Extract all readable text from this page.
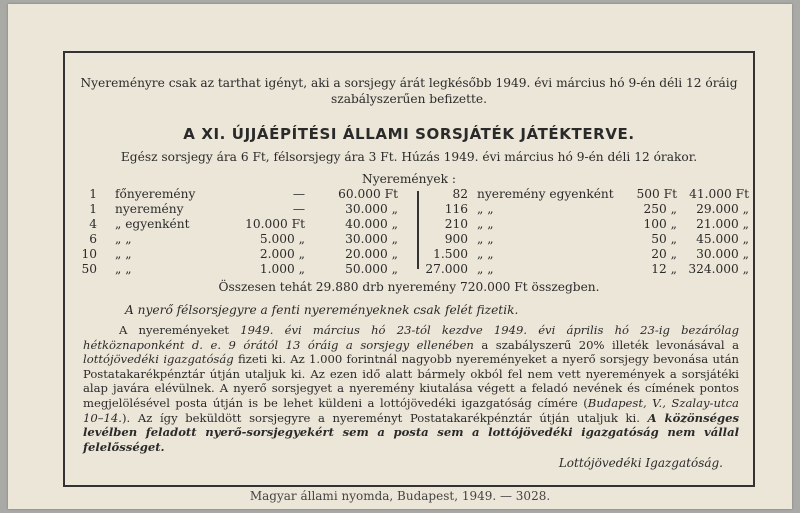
Nyereményre csak az tarthat igényt, aki a sorsjegy árát legkésőbb 1949. évi március hó 9-én déli 12 óráig szabályszerűen befizette.
A XI. ÚJJÁÉPÍTÉSI ÁLLAMI SORSJÁTÉK JÁTÉKTERVE.
Egész sorsjegy ára 6 Ft, félsorsjegy ára 3 Ft. Húzás 1949. évi március hó 9-én déli 12 órakor.
Nyeremények :
1 főnyeremény	—	60.000 Ft
1 nyeremény	—	30.000 „
4 „ egyenként	10.000 Ft	40.000 „
6 „ „	5.000 „	30.000 „
10 „ „	2.000 „	20.000 „
50 „ „	1.000 „	50.000 „
82 nyeremény egyenként 500 Ft 41.000 Ft
116 „ „	250 „ 29.000 „
210 „ „	100 „ 21.000 „
900 „ „	50 „ 45.000 „
1.500 „ „	20 „ 30.000 „
27.000 „ „	12 „ 324.000 „
Összesen tehát 29.880 drb nyeremény 720.000 Ft összegben.
A nyerő félsorsjegyre a fenti nyereményeknek csak felét fizetik.
A nyereményeket 1949. évi március hó 23-tól kezdve 1949. évi április hó 23-ig bezárólag hétköznaponként d. e. 9 órától 13 óráig a sorsjegy ellenében a szabályszerű 20% illeték levonásával a lottójövedéki igazgatóság fizeti ki. Az 1.000 forintnál nagyobb nyereményeket a nyerő sorsjegy bevonása után Postatakarékpénztár útján utaljuk ki. Az ezen idő alatt bármely okból fel nem vett nyeremények a sorsjátéki alap javára elévülnek. A nyerő sorsjegyet a nyeremény kiutalása végett a feladó nevének és címének pontos megjelölésével posta útján is be lehet küldeni a lottójövedéki igazgatóság címére (Budapest, V., Szalay-utca 10–14.). Az így beküldött sorsjegyre a nyereményt Postatakarékpénztár útján utaljuk ki. A közönséges levélben feladott nyerő-sorsjegyekért sem a posta sem a lottójövedéki igazgatóság nem vállal felelősséget.
Lottójövedéki Igazgatóság.
Magyar állami nyomda, Budapest, 1949. — 3028.
